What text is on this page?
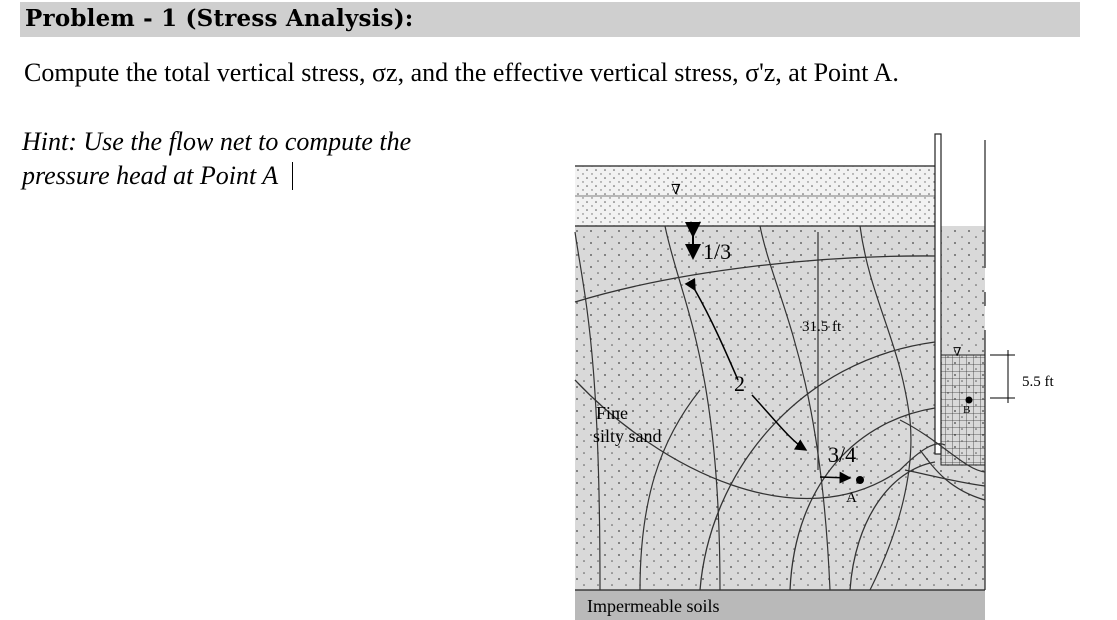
Problem - 1 (Stress Analysis):
Compute the total vertical stress, σz, and the effective vertical stress, σ'z, at Point A.
Hint: Use the flow net to compute the
pressure head at Point A
∇
∇
1/3
2
3/4
31.5 ft
5.5 ft
A
B
Fine
silty sand
Impermeable soils
